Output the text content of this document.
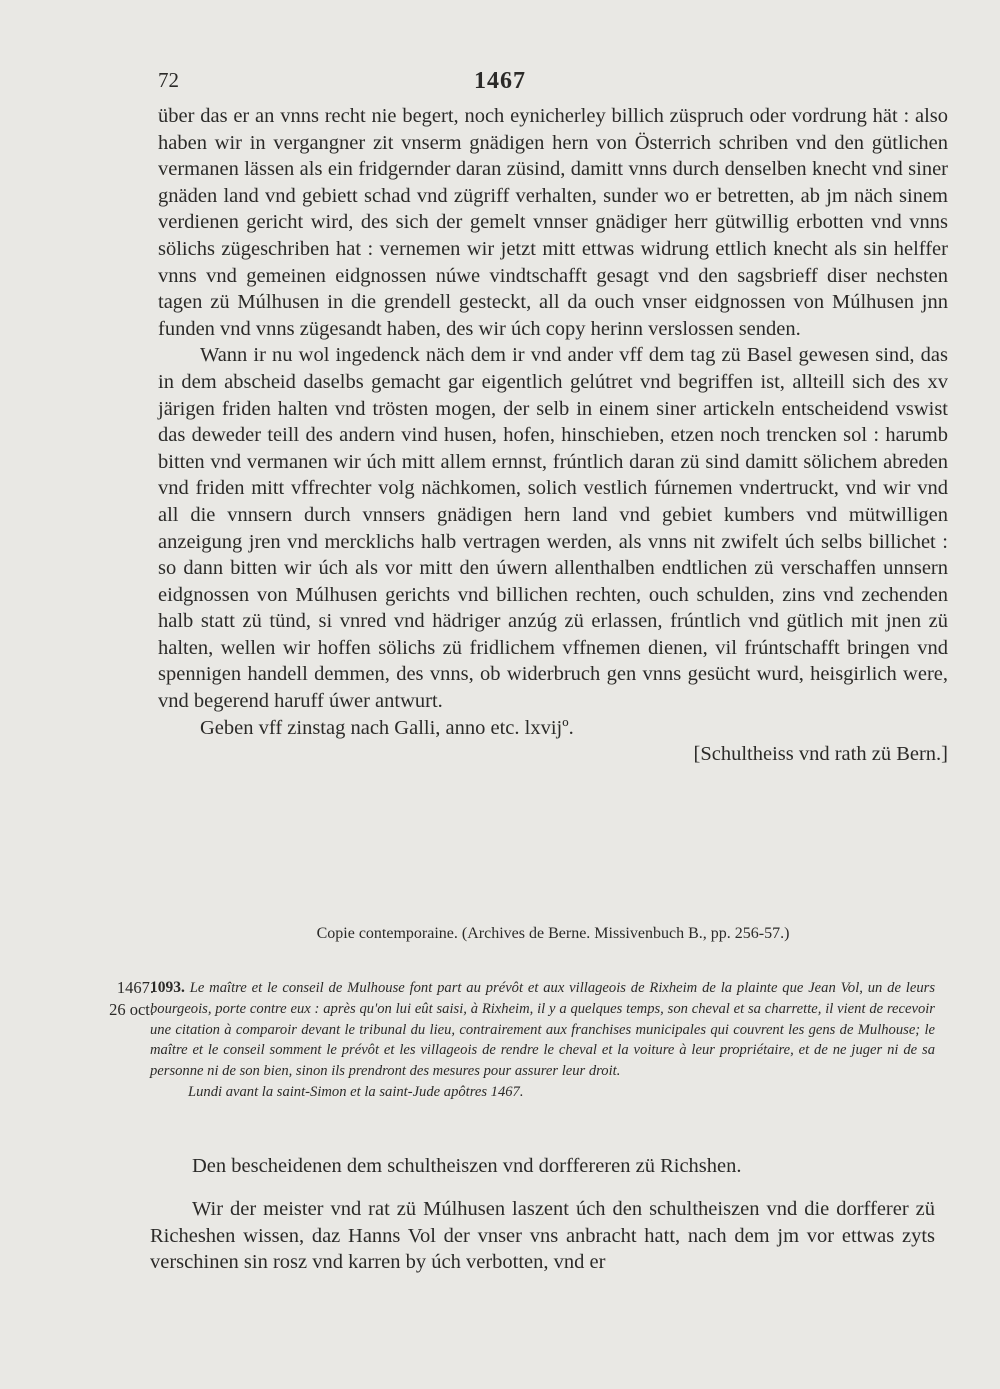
72	1467

über das er an vnns recht nie begert, noch eynicherley billich züspruch oder vordrung hät : also haben wir in vergangner zit vnserm gnädigen hern von Österrich schriben vnd den gütlichen vermanen lässen als ein fridgernder daran züsind, damitt vnns durch denselben knecht vnd siner gnäden land vnd gebiett schad vnd zügriff verhalten, sunder wo er betretten, ab jm näch sinem verdienen gericht wird, des sich der gemelt vnnser gnädiger herr gütwillig erbotten vnd vnns sölichs zügeschriben hat : vernemen wir jetzt mitt ettwas widrung ettlich knecht als sin helffer vnns vnd gemeinen eidgnossen núwe vindtschafft gesagt vnd den sagsbrieff diser nechsten tagen zü Múlhusen in die grendell gesteckt, all da ouch vnser eidgnossen von Múlhusen jnn funden vnd vnns zügesandt haben, des wir úch copy herinn verslossen senden.

Wann ir nu wol ingedenck näch dem ir vnd ander vff dem tag zü Basel gewesen sind, das in dem abscheid daselbs gemacht gar eigentlich gelútret vnd begriffen ist, allteill sich des xv järigen friden halten vnd trösten mogen, der selb in einem siner artickeln entscheidend vswist das deweder teill des andern vind husen, hofen, hinschieben, etzen noch trencken sol : harumb bitten vnd vermanen wir úch mitt allem ernnst, frúntlich daran zü sind damitt sölichem abreden vnd friden mitt vffrechter volg nächkomen, solich vestlich fúrnemen vndertruckt, vnd wir vnd all die vnnsern durch vnnsers gnädigen hern land vnd gebiet kumbers vnd mütwilligen anzeigung jren vnd mercklichs halb vertragen werden, als vnns nit zwifelt úch selbs billichet : so dann bitten wir úch als vor mitt den úwern allenthalben endtlichen zü verschaffen unnsern eidgnossen von Múlhusen gerichts vnd billichen rechten, ouch schulden, zins vnd zechenden halb statt zü tünd, si vnred vnd hädriger anzúg zü erlassen, frúntlich vnd gütlich mit jnen zü halten, wellen wir hoffen sölichs zü fridlichem vffnemen dienen, vil frúntschafft bringen vnd spennigen handell demmen, des vnns, ob widerbruch gen vnns gesücht wurd, heisgirlich were, vnd begerend haruff úwer antwurt.

Geben vff zinstag nach Galli, anno etc. lxvijº.

[Schultheiss vnd rath zü Bern.]

Copie contemporaine. (Archives de Berne. Missivenbuch B., pp. 256-57.)
1467.
26 oct.
1093. Le maître et le conseil de Mulhouse font part au prévôt et aux villageois de Rixheim de la plainte que Jean Vol, un de leurs bourgeois, porte contre eux : après qu'on lui eût saisi, à Rixheim, il y a quelques temps, son cheval et sa charrette, il vient de recevoir une citation à comparoir devant le tribunal du lieu, contrairement aux franchises municipales qui couvrent les gens de Mulhouse; le maître et le conseil somment le prévôt et les villageois de rendre le cheval et la voiture à leur propriétaire, et de ne juger ni de sa personne ni de son bien, sinon ils prendront des mesures pour assurer leur droit.
Lundi avant la saint-Simon et la saint-Jude apôtres 1467.
Den bescheidenen dem schultheiszen vnd dorffereren zü Richshen.

Wir der meister vnd rat zü Múlhusen laszent úch den schultheiszen vnd die dorfferer zü Richeshen wissen, daz Hanns Vol der vnser vns anbracht hatt, nach dem jm vor ettwas zyts verschinen sin rosz vnd karren by úch verbotten, vnd er
